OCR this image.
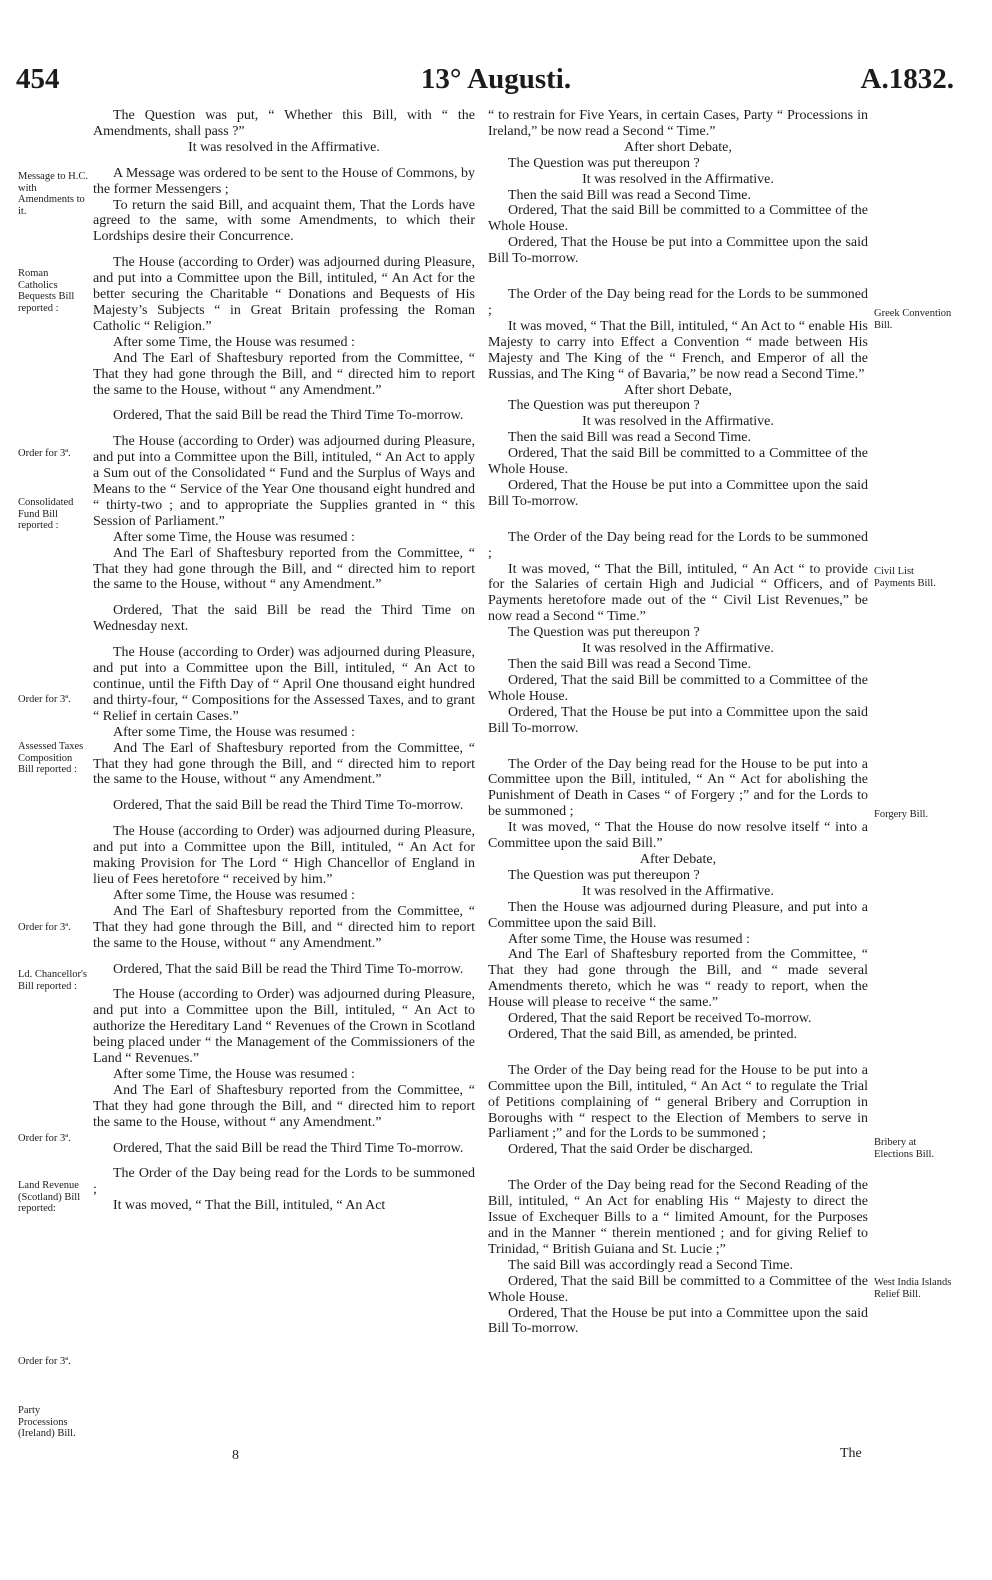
454	13° Augusti.	A.1832.
The Question was put, “ Whether this Bill, with “ the Amendments, shall pass ?”
It was resolved in the Affirmative.
A Message was ordered to be sent to the House of Commons, by the former Messengers ;
To return the said Bill, and acquaint them, That the Lords have agreed to the same, with some Amendments, to which their Lordships desire their Concurrence.
The House (according to Order) was adjourned during Pleasure, and put into a Committee upon the Bill, intituled, “ An Act for the better securing the Charitable “ Donations and Bequests of His Majesty’s Subjects “ in Great Britain professing the Roman Catholic “ Religion.”
After some Time, the House was resumed :
And The Earl of Shaftesbury reported from the Committee, “ That they had gone through the Bill, and “ directed him to report the same to the House, without “ any Amendment.”
Ordered, That the said Bill be read the Third Time To-morrow.
The House (according to Order) was adjourned during Pleasure, and put into a Committee upon the Bill, intituled, “ An Act to apply a Sum out of the Consolidated “ Fund and the Surplus of Ways and Means to the “ Service of the Year One thousand eight hundred and “ thirty-two ; and to appropriate the Supplies granted in “ this Session of Parliament.”
After some Time, the House was resumed :
And The Earl of Shaftesbury reported from the Committee, “ That they had gone through the Bill, and “ directed him to report the same to the House, without “ any Amendment.”
Ordered, That the said Bill be read the Third Time on Wednesday next.
The House (according to Order) was adjourned during Pleasure, and put into a Committee upon the Bill, intituled, “ An Act to continue, until the Fifth Day of “ April One thousand eight hundred and thirty-four, “ Compositions for the Assessed Taxes, and to grant “ Relief in certain Cases.”
After some Time, the House was resumed :
And The Earl of Shaftesbury reported from the Committee, “ That they had gone through the Bill, and “ directed him to report the same to the House, without “ any Amendment.”
Ordered, That the said Bill be read the Third Time To-morrow.
The House (according to Order) was adjourned during Pleasure, and put into a Committee upon the Bill, intituled, “ An Act for making Provision for The Lord “ High Chancellor of England in lieu of Fees heretofore “ received by him.”
After some Time, the House was resumed :
And The Earl of Shaftesbury reported from the Committee, “ That they had gone through the Bill, and “ directed him to report the same to the House, without “ any Amendment.”
Ordered, That the said Bill be read the Third Time To-morrow.
The House (according to Order) was adjourned during Pleasure, and put into a Committee upon the Bill, intituled, “ An Act to authorize the Hereditary Land “ Revenues of the Crown in Scotland being placed under “ the Management of the Commissioners of the Land “ Revenues.”
After some Time, the House was resumed :
And The Earl of Shaftesbury reported from the Committee, “ That they had gone through the Bill, and “ directed him to report the same to the House, without “ any Amendment.”
Ordered, That the said Bill be read the Third Time To-morrow.
The Order of the Day being read for the Lords to be summoned ;
It was moved, “ That the Bill, intituled, “ An Act
“ to restrain for Five Years, in certain Cases, Party “ Processions in Ireland,” be now read a Second “ Time.”
After short Debate,
The Question was put thereupon ?
It was resolved in the Affirmative.
Then the said Bill was read a Second Time.
Ordered, That the said Bill be committed to a Committee of the Whole House.
Ordered, That the House be put into a Committee upon the said Bill To-morrow.
The Order of the Day being read for the Lords to be summoned ;
It was moved, “ That the Bill, intituled, “ An Act to “ enable His Majesty to carry into Effect a Convention “ made between His Majesty and The King of the “ French, and Emperor of all the Russias, and The King “ of Bavaria,” be now read a Second Time.”
After short Debate,
The Question was put thereupon ?
It was resolved in the Affirmative.
Then the said Bill was read a Second Time.
Ordered, That the said Bill be committed to a Committee of the Whole House.
Ordered, That the House be put into a Committee upon the said Bill To-morrow.
The Order of the Day being read for the Lords to be summoned ;
It was moved, “ That the Bill, intituled, “ An Act “ to provide for the Salaries of certain High and Judicial “ Officers, and of Payments heretofore made out of the “ Civil List Revenues,” be now read a Second “ Time.”
The Question was put thereupon ?
It was resolved in the Affirmative.
Then the said Bill was read a Second Time.
Ordered, That the said Bill be committed to a Committee of the Whole House.
Ordered, That the House be put into a Committee upon the said Bill To-morrow.
The Order of the Day being read for the House to be put into a Committee upon the Bill, intituled, “ An “ Act for abolishing the Punishment of Death in Cases “ of Forgery ;” and for the Lords to be summoned ;
It was moved, “ That the House do now resolve itself “ into a Committee upon the said Bill.”
After Debate,
The Question was put thereupon ?
It was resolved in the Affirmative.
Then the House was adjourned during Pleasure, and put into a Committee upon the said Bill.
After some Time, the House was resumed :
And The Earl of Shaftesbury reported from the Committee, “ That they had gone through the Bill, and “ made several Amendments thereto, which he was “ ready to report, when the House will please to receive “ the same.”
Ordered, That the said Report be received To-morrow.
Ordered, That the said Bill, as amended, be printed.
The Order of the Day being read for the House to be put into a Committee upon the Bill, intituled, “ An Act “ to regulate the Trial of Petitions complaining of “ general Bribery and Corruption in Boroughs with “ respect to the Election of Members to serve in Parliament ;” and for the Lords to be summoned ;
Ordered, That the said Order be discharged.
The Order of the Day being read for the Second Reading of the Bill, intituled, “ An Act for enabling His “ Majesty to direct the Issue of Exchequer Bills to a “ limited Amount, for the Purposes and in the Manner “ therein mentioned ; and for giving Relief to Trinidad, “ British Guiana and St. Lucie ;”
The said Bill was accordingly read a Second Time.
Ordered, That the said Bill be committed to a Committee of the Whole House.
Ordered, That the House be put into a Committee upon the said Bill To-morrow.
Message to H.C. with Amendments to it.
Roman Catholics Bequests Bill reported :
Order for 3ª.
Consolidated Fund Bill reported :
Order for 3ª.
Assessed Taxes Composition Bill reported :
Order for 3ª.
Ld. Chancellor's Bill reported :
Order for 3ª.
Land Revenue (Scotland) Bill reported:
Order for 3ª.
Party Processions (Ireland) Bill.
Greek Convention Bill.
Civil List Payments Bill.
Forgery Bill.
Bribery at Elections Bill.
West India Islands Relief Bill.
8	The
